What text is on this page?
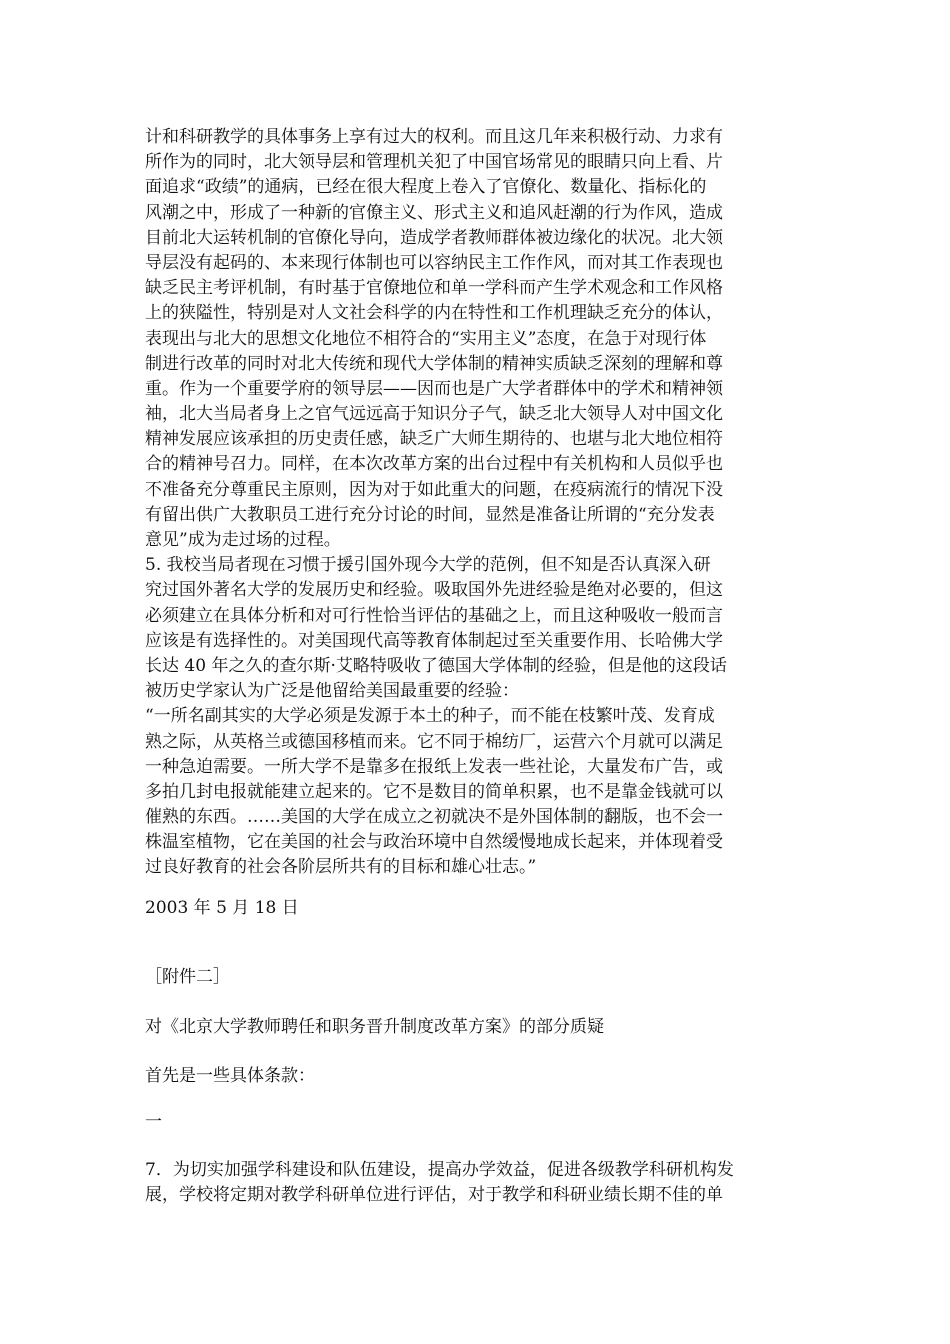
计和科研教学的具体事务上享有过大的权利。而且这几年来积极行动、力求有
所作为的同时，北大领导层和管理机关犯了中国官场常见的眼睛只向上看、片
面追求“政绩”的通病，已经在很大程度上卷入了官僚化、数量化、指标化的
风潮之中，形成了一种新的官僚主义、形式主义和追风赶潮的行为作风，造成
目前北大运转机制的官僚化导向，造成学者教师群体被边缘化的状况。北大领
导层没有起码的、本来现行体制也可以容纳民主工作作风，而对其工作表现也
缺乏民主考评机制，有时基于官僚地位和单一学科而产生学术观念和工作风格
上的狭隘性，特别是对人文社会科学的内在特性和工作机理缺乏充分的体认，
表现出与北大的思想文化地位不相符合的“实用主义”态度，在急于对现行体
制进行改革的同时对北大传统和现代大学体制的精神实质缺乏深刻的理解和尊
重。作为一个重要学府的领导层——因而也是广大学者群体中的学术和精神领
袖，北大当局者身上之官气远远高于知识分子气，缺乏北大领导人对中国文化
精神发展应该承担的历史责任感，缺乏广大师生期待的、也堪与北大地位相符
合的精神号召力。同样，在本次改革方案的出台过程中有关机构和人员似乎也
不准备充分尊重民主原则，因为对于如此重大的问题，在疫病流行的情况下没
有留出供广大教职员工进行充分讨论的时间，显然是准备让所谓的“充分发表
意见”成为走过场的过程。
5. 我校当局者现在习惯于援引国外现今大学的范例，但不知是否认真深入研
究过国外著名大学的发展历史和经验。吸取国外先进经验是绝对必要的，但这
必须建立在具体分析和对可行性恰当评估的基础之上，而且这种吸收一般而言
应该是有选择性的。对美国现代高等教育体制起过至关重要作用、长哈佛大学
长达 40 年之久的查尔斯·艾略特吸收了德国大学体制的经验，但是他的这段话
被历史学家认为广泛是他留给美国最重要的经验：
“一所名副其实的大学必须是发源于本土的种子，而不能在枝繁叶茂、发育成
熟之际，从英格兰或德国移植而来。它不同于棉纺厂，运营六个月就可以满足
一种急迫需要。一所大学不是靠多在报纸上发表一些社论，大量发布广告，或
多拍几封电报就能建立起来的。它不是数目的简单积累，也不是靠金钱就可以
催熟的东西。……美国的大学在成立之初就决不是外国体制的翻版，也不会一
株温室植物，它在美国的社会与政治环境中自然缓慢地成长起来，并体现着受
过良好教育的社会各阶层所共有的目标和雄心壮志。”
2003 年 5 月 18 日
［附件二］
对《北京大学教师聘任和职务晋升制度改革方案》的部分质疑
首先是一些具体条款：
一
7．为切实加强学科建设和队伍建设，提高办学效益，促进各级教学科研机构发
展，学校将定期对教学科研单位进行评估，对于教学和科研业绩长期不佳的单
